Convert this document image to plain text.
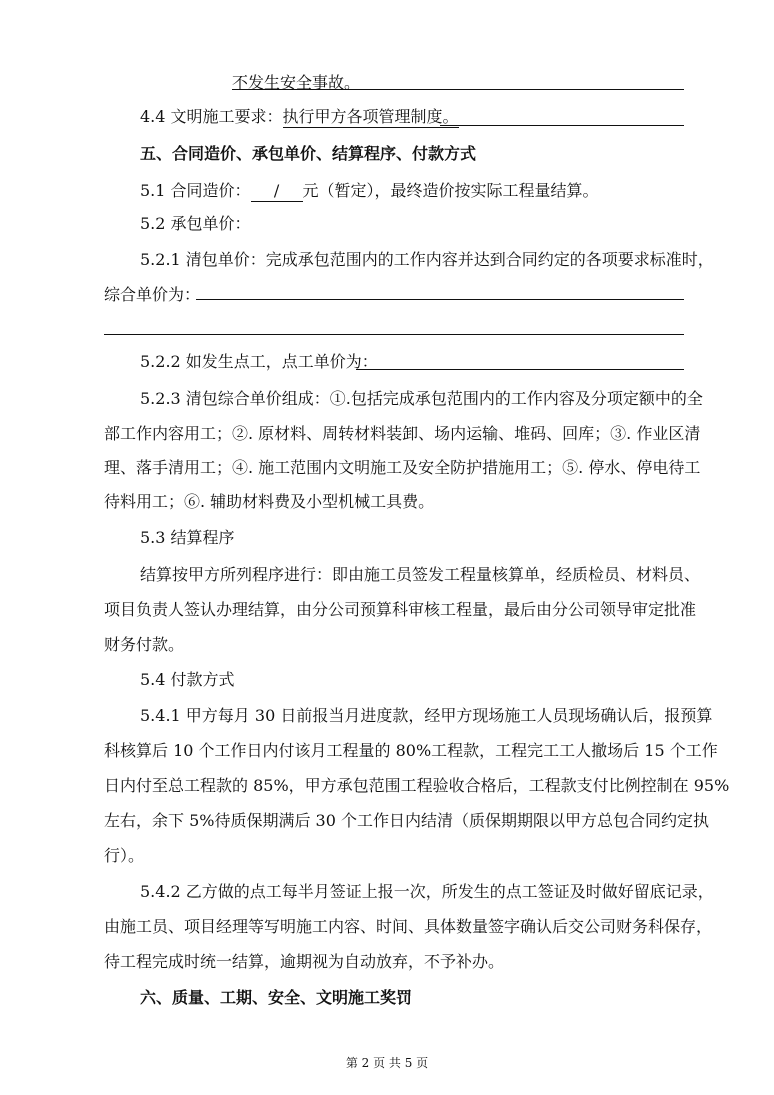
不发生安全事故。
4.4 文明施工要求：执行甲方各项管理制度。
五、合同造价、承包单价、结算程序、付款方式
5.1 合同造价： / 元（暂定），最终造价按实际工程量结算。
5.2 承包单价：
5.2.1 清包单价：完成承包范围内的工作内容并达到合同约定的各项要求标准时，
综合单价为：
5.2.2 如发生点工，点工单价为：
5.2.3 清包综合单价组成：①.包括完成承包范围内的工作内容及分项定额中的全
部工作内容用工；②. 原材料、周转材料装卸、场内运输、堆码、回库；③. 作业区清
理、落手清用工；④. 施工范围内文明施工及安全防护措施用工；⑤. 停水、停电待工
待料用工；⑥. 辅助材料费及小型机械工具费。
5.3 结算程序
结算按甲方所列程序进行：即由施工员签发工程量核算单，经质检员、材料员、
项目负责人签认办理结算，由分公司预算科审核工程量，最后由分公司领导审定批准
财务付款。
5.4 付款方式
5.4.1 甲方每月 30 日前报当月进度款，经甲方现场施工人员现场确认后，报预算
科核算后 10 个工作日内付该月工程量的 80%工程款，工程完工工人撤场后 15 个工作
日内付至总工程款的 85%，甲方承包范围工程验收合格后，工程款支付比例控制在 95%
左右，余下 5%待质保期满后 30 个工作日内结清（质保期期限以甲方总包合同约定执
行）。
5.4.2 乙方做的点工每半月签证上报一次，所发生的点工签证及时做好留底记录，
由施工员、项目经理等写明施工内容、时间、具体数量签字确认后交公司财务科保存，
待工程完成时统一结算，逾期视为自动放弃，不予补办。
六、质量、工期、安全、文明施工奖罚
第 2 页 共 5 页
